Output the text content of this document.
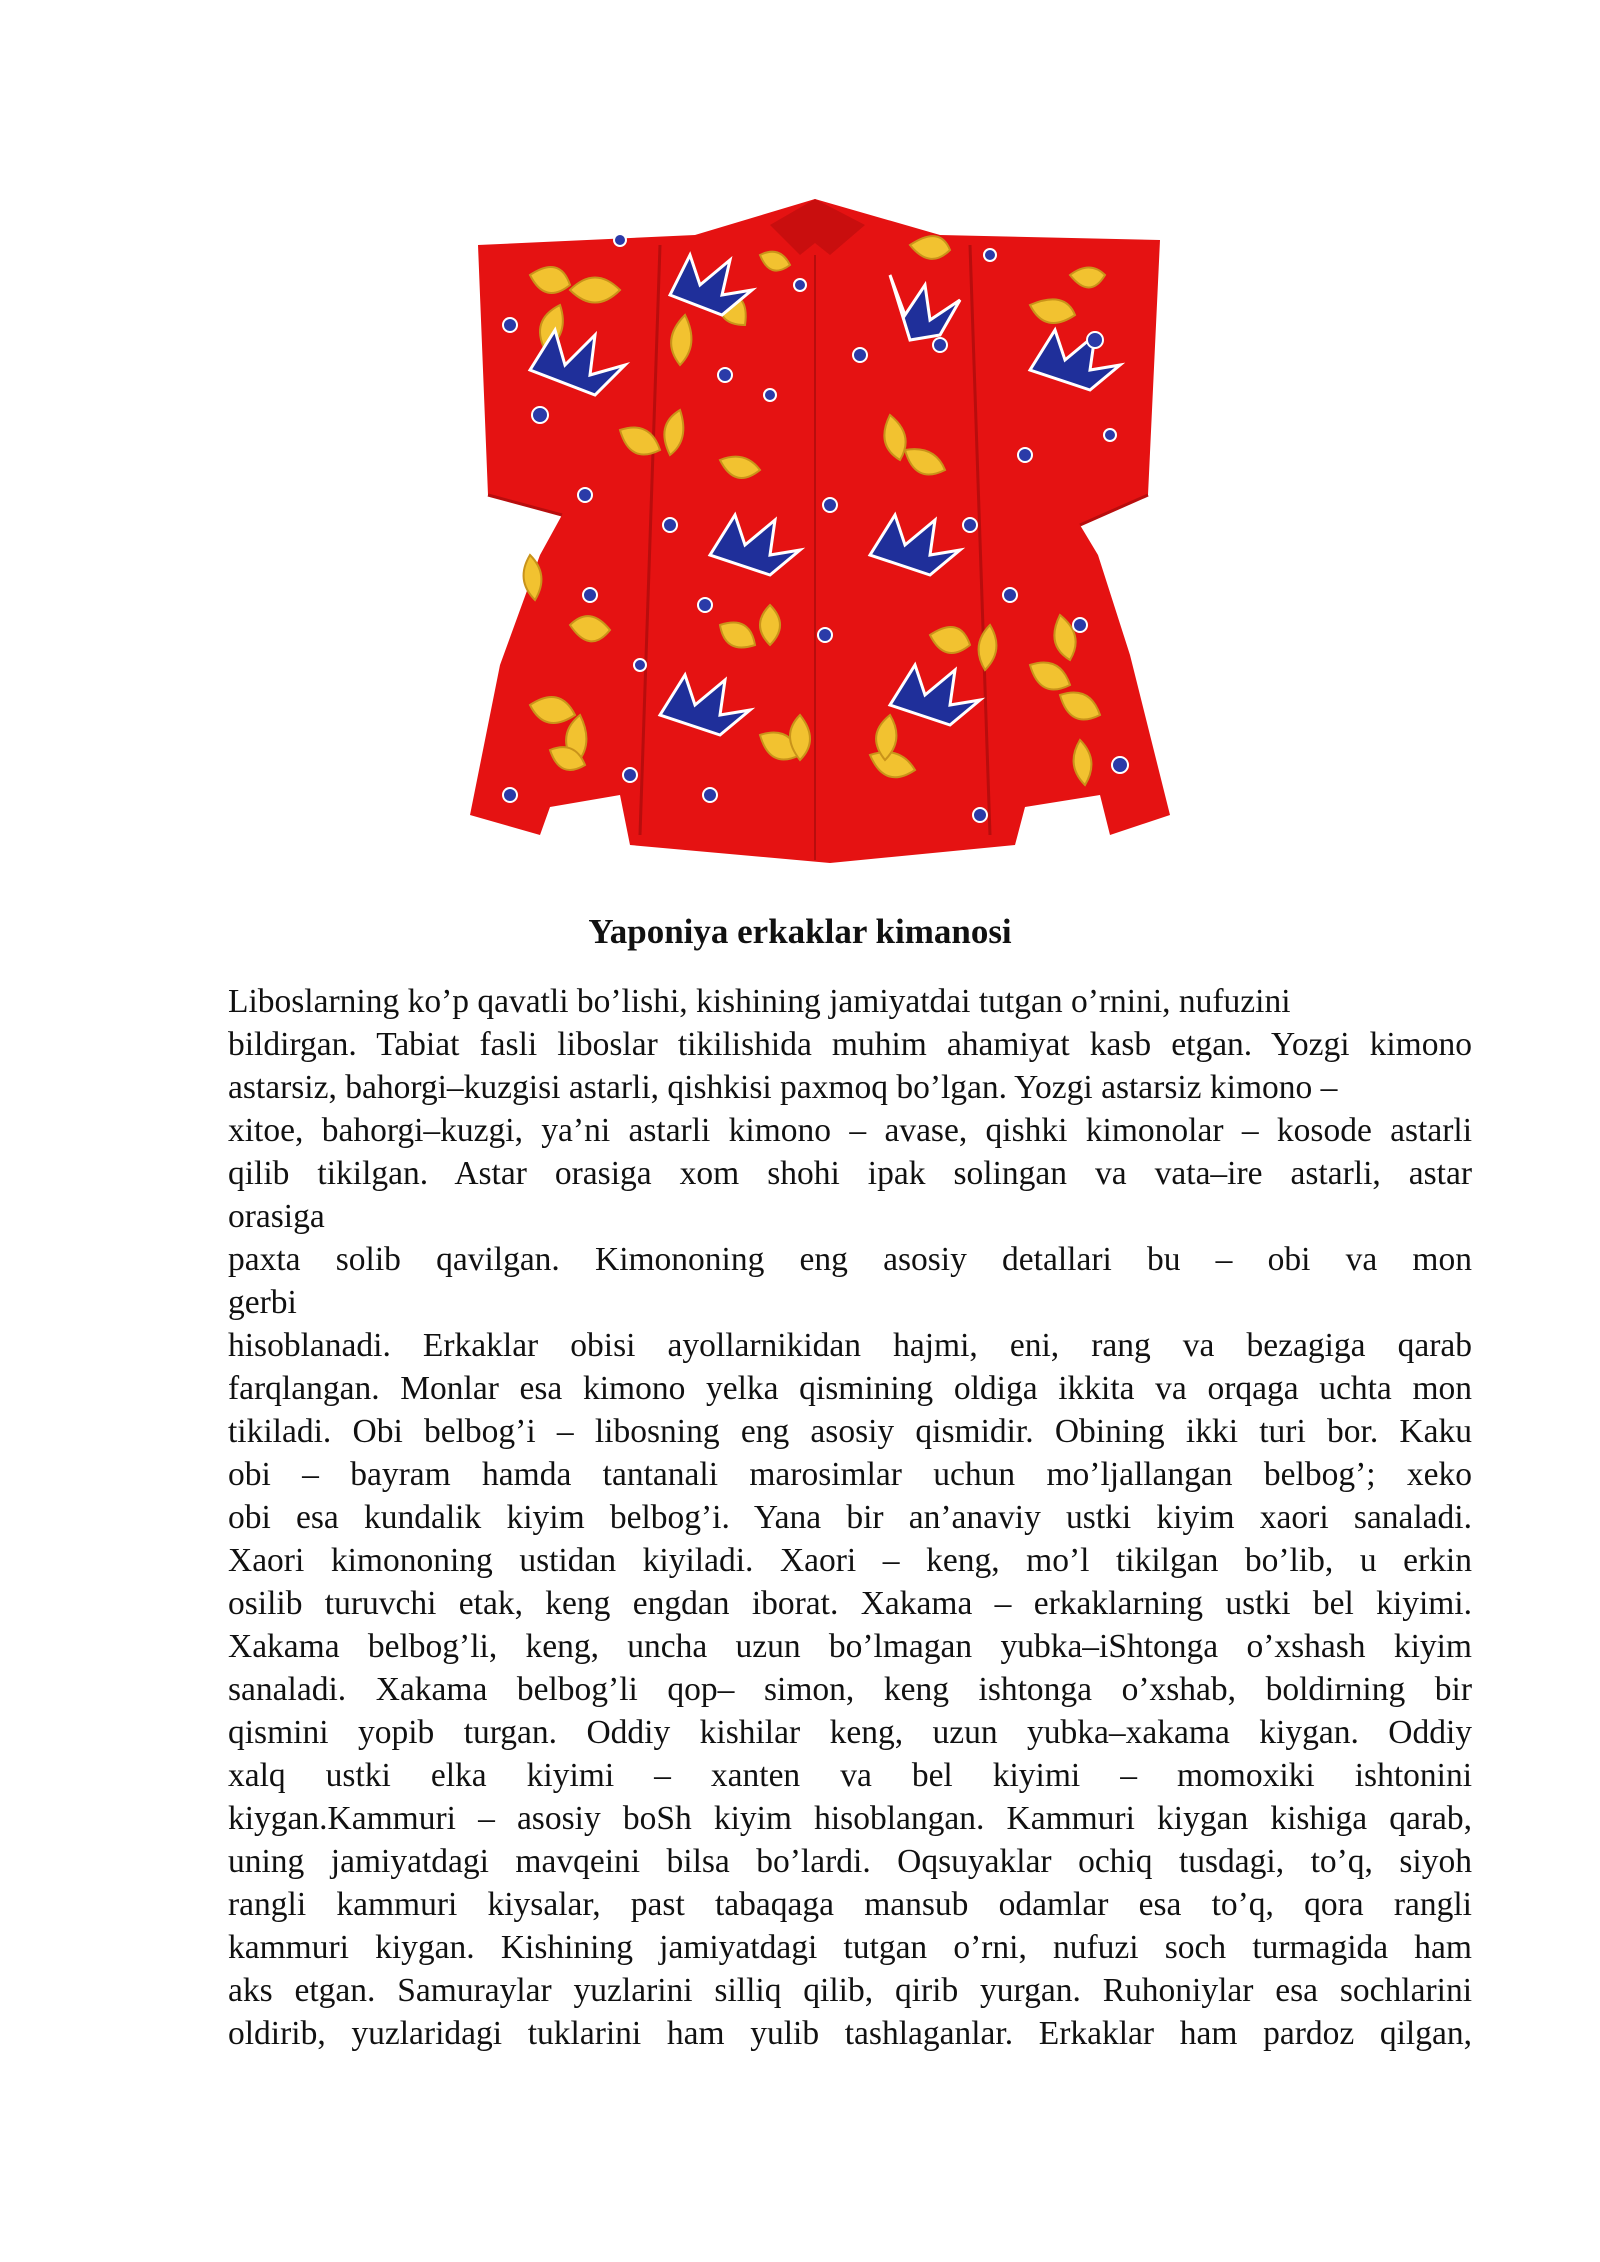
Yaponiya erkaklar kimanosi
Liboslarning ko’p qavatli bo’lishi, kishining jamiyatdai tutgan o’rnini, nufuzini
bildirgan. Tabiat fasli liboslar tikilishida muhim ahamiyat kasb etgan. Yozgi kimono
astarsiz, bahorgi–kuzgisi astarli, qishkisi paxmoq bo’lgan. Yozgi astarsiz kimono –
xitoe, bahorgi–kuzgi, ya’ni astarli kimono – avase, qishki kimonolar – kosode astarli
qilib tikilgan. Astar orasiga xom shohi ipak solingan va vata–ire astarli, astar
orasiga
paxta solib qavilgan. Kimononing eng asosiy detallari bu – obi va mon
gerbi
hisoblanadi. Erkaklar obisi ayollarnikidan hajmi, eni, rang va bezagiga qarab
farqlangan. Monlar esa kimono yelka qismining oldiga ikkita va orqaga uchta mon
tikiladi. Obi belbog’i – libosning eng asosiy qismidir. Obining ikki turi bor. Kaku
obi – bayram hamda tantanali marosimlar uchun mo’ljallangan belbog’; xeko
obi esa kundalik kiyim belbog’i. Yana bir an’anaviy ustki kiyim xaori sanaladi.
Xaori kimononing ustidan kiyiladi. Xaori – keng, mo’l tikilgan bo’lib, u erkin
osilib turuvchi etak, keng engdan iborat. Xakama – erkaklarning ustki bel kiyimi.
Xakama belbog’li, keng, uncha uzun bo’lmagan yubka–iShtonga o’xshash kiyim
sanaladi. Xakama belbog’li qop– simon, keng ishtonga o’xshab, boldirning bir
qismini yopib turgan. Oddiy kishilar keng, uzun yubka–xakama kiygan. Oddiy
xalq ustki elka kiyimi – xanten va bel kiyimi – momoxiki ishtonini
kiygan.Kammuri – asosiy boSh kiyim hisoblangan. Kammuri kiygan kishiga qarab,
uning jamiyatdagi mavqeini bilsa bo’lardi. Oqsuyaklar ochiq tusdagi, to’q, siyoh
rangli kammuri kiysalar, past tabaqaga mansub odamlar esa to’q, qora rangli
kammuri kiygan. Kishining jamiyatdagi tutgan o’rni, nufuzi soch turmagida ham
aks etgan. Samuraylar yuzlarini silliq qilib, qirib yurgan. Ruhoniylar esa sochlarini
oldirib, yuzlaridagi tuklarini ham yulib tashlaganlar. Erkaklar ham pardoz qilgan,
